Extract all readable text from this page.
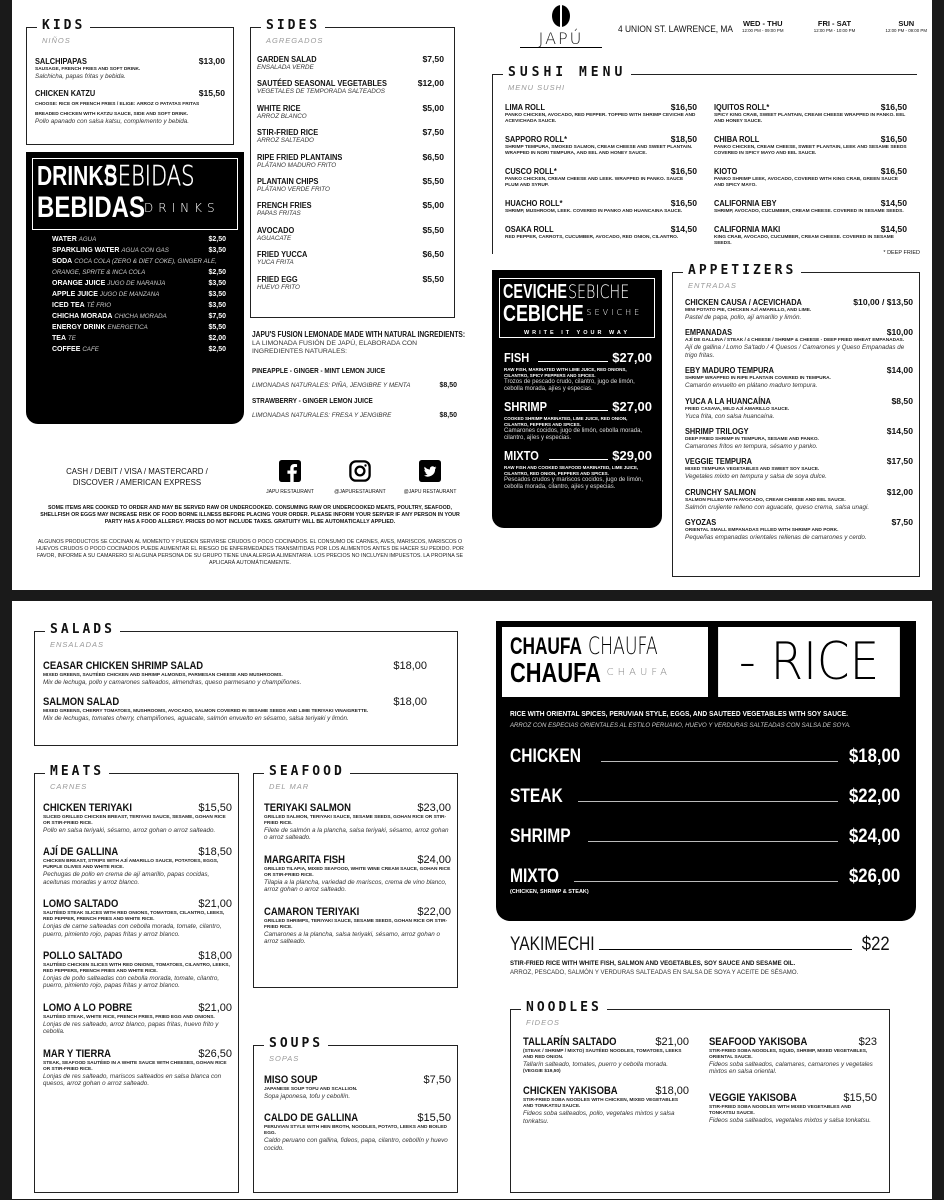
KIDS
NIÑOS
SALCHIPAPAS	$13,00
SAUSAGE, FRENCH FRIES AND SOFT DRINK.
Salchicha, papas fritas y bebida.
CHICKEN KATZU	$15,50
CHOOSE: RICE OR FRENCH FRIES / ELIGE: ARROZ O PATATAS FRITAS
BREADED CHICKEN WITH KATZU SAUCE, SIDE AND SOFT DRINK.
Pollo apanado con salsa katsu, complemento y bebida.
DRINKSBEBIDAS
BEBIDAS DRINKS
WATER AGUA	$2,50
SPARKLING WATER AGUA CON GAS	$3,50
SODA COCA COLA (ZERO & DIET COKE), GINGER ALE,
ORANGE, SPRITE & INCA COLA	$2,50
ORANGE JUICE JUGO DE NARANJA	$3,50
APPLE JUICE JUGO DE MANZANA	$3,50
ICED TEA TÉ FRIO	$3,50
CHICHA MORADA CHICHA MORADA	$7,50
ENERGY DRINK ENERGETICA	$5,50
TEA TE	$2,00
COFFEE CAFE	$2,50
SIDES
AGREGADOS
GARDEN SALAD	$7,50
ENSALADA VERDE
SAUTÉED SEASONAL VEGETABLES	$12,00
VEGETALES DE TEMPORADA SALTEADOS
WHITE RICE	$5,00
ARROZ BLANCO
STIR-FRIED RICE	$7,50
ARROZ SALTEADO
RIPE FRIED PLANTAINS	$6,50
PLÁTANO MADURO FRITO
PLANTAIN CHIPS	$5,50
PLÁTANO VERDE FRITO
FRENCH FRIES	$5,00
PAPAS FRITAS
AVOCADO	$5,50
AGUACATE
FRIED YUCCA	$6,50
YUCA FRITA
FRIED EGG	$5,50
HUEVO FRITO
JAPU'S FUSION LEMONADE MADE WITH NATURAL INGREDIENTS:
LA LIMONADA FUSIÓN DE JAPÚ, ELABORADA CON INGREDIENTES NATURALES:
PINEAPPLE - GINGER - MINT LEMON JUICE
LIMONADAS NATURALES: PIÑA, JENGIBRE Y MENTA	$8,50
STRAWBERRY - GINGER LEMON JUICE
LIMONADAS NATURALES: FRESA Y JENGIBRE	$8,50
CASH / DEBIT / VISA / MASTERCARD /
DISCOVER / AMERICAN EXPRESS
JAPU RESTAURANT	@JAPURESTAURANT	@JAPU RESTAURANT
SOME ITEMS ARE COOKED TO ORDER AND MAY BE SERVED RAW OR UNDERCOOKED. CONSUMING RAW OR UNDERCOOKED MEATS, POULTRY, SEAFOOD, SHELLFISH OR EGGS MAY INCREASE RISK OF FOOD BORNE ILLNESS BEFORE PLACING YOUR ORDER. PLEASE INFORM YOUR SERVER IF ANY PERSON IN YOUR PARTY HAS A FOOD ALLERGY. PRICES DO NOT INCLUDE TAXES. GRATUITY WILL BE AUTOMATICALLY APPLIED.
ALGUNOS PRODUCTOS SE COCINAN AL MOMENTO Y PUEDEN SERVIRSE CRUDOS O POCO COCINADOS. EL CONSUMO DE CARNES, AVES, MARISCOS, MARISCOS O HUEVOS CRUDOS O POCO COCINADOS PUEDE AUMENTAR EL RIESGO DE ENFERMEDADES TRANSMITIDAS POR LOS ALIMENTOS ANTES DE HACER SU PEDIDO. POR FAVOR, INFORME A SU CAMARERO SI ALGUNA PERSONA DE SU GRUPO TIENE UNA ALERGIA ALIMENTARIA. LOS PRECIOS NO INCLUYEN IMPUESTOS. LA PROPINA SE APLICARÁ AUTOMÁTICAMENTE.
JAPÚ	4 UNION ST. LAWRENCE, MA
WED - THU
12:00 PM - 09:00 PM
FRI - SAT
12:00 PM - 10:00 PM
SUN
12:00 PM - 09:00 PM
SUSHI MENU
MENU SUSHI
LIMA ROLL	$16,50
PANKO CHICKEN, AVOCADO, RED PEPPER. TOPPED WITH SHRIMP CEVICHE AND ACEVICHADA SAUCE.
SAPPORO ROLL*	$18,50
SHRIMP TEMPURA, SMOKED SALMON, CREAM CHEESE AND SWEET PLANTAIN. WRAPPED IN NORI TEMPURA, AND EEL AND HONEY SAUCE.
CUSCO ROLL*	$16,50
PANKO CHICKEN, CREAM CHEESE AND LEEK. WRAPPED IN PANKO. SAUCE PLUM AND SYRUP.
HUACHO ROLL*	$16,50
SHRIMP, MUSHROOM, LEEK. COVERED IN PANKO AND HUANCAINA SAUCE.
OSAKA ROLL	$14,50
RED PEPPER, CARROTS, CUCUMBER, AVOCADO, RED ONION, CILANTRO.
IQUITOS ROLL*	$16,50
SPICY KING CRAB, SWEET PLANTAIN, CREAM CHEESE WRAPPED IN PANKO. EEL AND HONEY SAUCE.
CHIBA ROLL	$16,50
PANKO CHICKEN, CREAM CHEESE, SWEET PLANTAIN, LEEK AND SESAME SEEDS COVERED IN SPICY MAYO AND EEL SAUCE.
KIOTO	$16,50
PANKO SHRIMP LEEK, AVOCADO, COVERED WITH KING CRAB, GREEN SAUCE AND SPICY MAYO.
CALIFORNIA EBY	$14,50
SHRIMP, AVOCADO, CUCUMBER, CREAM CHEESE. COVERED IN SESAME SEEDS.
CALIFORNIA MAKI	$14,50
KING CRAB, AVOCADO, CUCUMBER, CREAM CHEESE. COVERED IN SESAME SEEDS.
* DEEP FRIED
CEVICHESEBICHE
CEBICHE SEVICHE
WRITE IT YOUR WAY
FISH	$27,00
RAW FISH, MARINATED WITH LIME JUICE, RED ONIONS, CILANTRO, SPICY PEPPERS AND SPICES.
Trozos de pescado crudo, cilantro, jugo de limón, cebolla morada, ajíes y especias.
SHRIMP	$27,00
COOKED SHRIMP MARINATED, LIME JUICE, RED ONION, CILANTRO, PEPPERS AND SPICES.
Camarones cocidos, jugo de limón, cebolla morada, cilantro, ajíes y especias.
MIXTO	$29,00
RAW FISH AND COOKED SEAFOOD MARINATED, LIME JUICE, CILANTRO, RED ONION, PEPPERS AND SPICES.
Pescados crudos y mariscos cocidos, jugo de limón, cebolla morada, cilantro, ajíes y especias.
APPETIZERS
ENTRADAS
CHICKEN CAUSA / ACEVICHADA	$10,00 / $13,50
MINI POTATO PIE, CHICKEN AJÍ AMARILLO, AND LIME.
Pastel de papa, pollo, ají amarillo y limón.
EMPANADAS	$10,00
AJÍ DE GALLINA / STEAK / 4 CHEESE / SHRIMP & CHEESE - DEEP FRIED WHEAT EMPANADAS.
Ají de gallina / Lomo Sa'tado / 4 Quesos / Camarones y Queso Empanadas de trigo fritas.
EBY MADURO TEMPURA	$14,00
SHRIMP WRAPPED IN RIPE PLANTAIN COVERED IN TEMPURA.
Camarón envuelto en plátano maduro tempura.
YUCA A LA HUANCAÍNA	$8,50
FRIED CASAVA, MILD AJÍ AMARILLO SAUCE.
Yuca frita, con salsa huancaína.
SHRIMP TRILOGY	$14,50
DEEP FRIED SHRIMP IN TEMPURA, SESAME AND PANKO.
Camarones fritos en tempura, sésamo y panko.
VEGGIE TEMPURA	$17,50
MIXED TEMPURA VEGETABLES AND SWEET SOY SAUCE.
Vegetales mixto en tempura y salsa de soya dulce.
CRUNCHY SALMON	$12,00
SALMON FILLED WITH AVOCADO, CREAM CHEESE AND EEL SAUCE.
Salmón crujiente relleno con aguacate, queso crema, salsa unagi.
GYOZAS	$7,50
ORIENTAL SMALL EMPANADAS FILLED WITH SHRIMP AND PORK.
Pequeñas empanadas orientales rellenas de camarones y cerdo.
SALADS
ENSALADAS
CEASAR CHICKEN SHRIMP SALAD	$18,00
MIXED GREENS, SAUTÉED CHICKEN AND SHRIMP ALMONDS, PARMESAN CHEESE AND MUSHROOMS.
Mix de lechuga, pollo y camarones salteados, almendras, queso parmesano y champiñones.
SALMON SALAD	$18,00
MIXED GREENS, CHERRY TOMATOES, MUSHROOMS, AVOCADO, SALMON COVERED IN SESAME SEEDS AND LIME TERIYAKI VINAIGRETTE.
Mix de lechugas, tomates cherry, champiñones, aguacate, salmón envuelto en sésamo, salsa teriyaki y limón.
MEATS
CARNES
CHICKEN TERIYAKI	$15,50
SLICED GRILLED CHICKEN BREAST, TERIYAKI SAUCE, SESAME, GOHAN RICE OR STIR-FRIED RICE.
Pollo en salsa teriyaki, sésamo, arroz gohan o arroz salteado.
AJÍ DE GALLINA	$18,50
CHICKEN BREAST, STRIPS WITH AJÍ AMARILLO SAUCE, POTATOES, EGGS, PURPLE OLIVES AND WHITE RICE.
Pechugas de pollo en crema de ají amarillo, papas cocidas, aceitunas moradas y arroz blanco.
LOMO SALTADO	$21,00
SAUTÉED STEAK SLICES WITH RED ONIONS, TOMATOES, CILANTRO, LEEKS, RED PEPPER, FRENCH FRIES AND WHITE RICE.
Lonjas de carne salteadas con cebolla morada, tomate, cilantro, puerro, pimiento rojo, papas fritas y arroz blanco.
POLLO SALTADO	$18,00
SAUTÉED CHICKEN SLICES WITH RED ONIONS, TOMATOES, CILANTRO, LEEKS, RED PEPPERS, FRENCH FRIES AND WHITE RICE.
Lonjas de pollo salteadas con cebolla morada, tomate, cilantro, puerro, pimiento rojo, papas fritas y arroz blanco.
LOMO A LO POBRE	$21,00
SAUTÉED STEAK, WHITE RICE, FRENCH FRIES, FRIED EGG AND ONIONS.
Lonjas de res salteado, arroz blanco, papas fritas, huevo frito y cebolla.
MAR Y TIERRA	$26,50
STEAK, SEAFOOD SAUTÉED IN A WHITE SAUCE WITH CHEESES, GOHAN RICE OR STIR-FRIED RICE.
Lonjas de res salteado, mariscos salteados en salsa blanca con quesos, arroz gohan o arroz salteado.
SEAFOOD
DEL MAR
TERIYAKI SALMON	$23,00
GRILLED SALMON, TERIYAKI SAUCE, SESAME SEEDS, GOHAN RICE OR STIR-FRIED RICE.
Filete de salmón a la plancha, salsa teriyaki, sésamo, arroz gohan o arroz salteado.
MARGARITA FISH	$24,00
GRILLED TILAPIA, MIXED SEAFOOD, WHITE WINE CREAM SAUCE, GOHAN RICE OR STIR-FRIED RICE.
Tilapia a la plancha, variedad de mariscos, crema de vino blanco, arroz gohan o arroz salteado.
CAMARON TERIYAKI	$22,00
GRILLED SHRIMPS, TERIYAKI SAUCE, SESAME SEEDS, GOHAN RICE OR STIR-FRIED RICE.
Camarones a la plancha, salsa teriyaki, sésamo, arroz gohan o arroz salteado.
SOUPS
SOPAS
MISO SOUP	$7,50
JAPANESE SOUP TOFU AND SCALLION.
Sopa japonesa, tofu y cebollín.
CALDO DE GALLINA	$15,50
PERUVIAN STYLE WITH HEN BROTH, NOODLES, POTATO, LEEKS AND BOILED EGG.
Caldo peruano con gallina, fideos, papa, cilantro, cebollín y huevo cocido.
CHAUFA CHAUFA
CHAUFA CHAUFA	- RICE
RICE WITH ORIENTAL SPICES, PERUVIAN STYLE, EGGS, AND SAUTEED VEGETABLES WITH SOY SAUCE.
ARROZ CON ESPECIAS ORIENTALES AL ESTILO PERUANO, HUEVO Y VERDURAS SALTEADAS CON SALSA DE SOYA.
CHICKEN	$18,00
STEAK	$22,00
SHRIMP	$24,00
MIXTO	$26,00
(CHICKEN, SHRIMP & STEAK)
YAKIMECHI	$22
STIR-FRIED RICE WITH WHITE FISH, SALMON AND VEGETABLES, SOY SAUCE AND SESAME OIL.
ARROZ, PESCADO, SALMÓN Y VERDURAS SALTEADAS EN SALSA DE SOYA Y ACEITE DE SÉSAMO.
NOODLES
FIDEOS
TALLARÍN SALTADO	$21,00
(STEAK / SHRIMP / MIXTO) SAUTÉED NOODLES, TOMATOES, LEEKS AND RED ONION.
Tallarín salteado, tomates, puerro y cebolla morada.
(VEGGIE $19,50)
CHICKEN YAKISOBA	$18,00
STIR-FRIED SOBA NOODLES WITH CHICKEN, MIXED VEGETABLES AND TONKATSU SAUCE.
Fideos soba salteados, pollo, vegetales mixtos y salsa tonkatsu.
SEAFOOD YAKISOBA	$23
STIR-FRIED SOBA NOODLES, SQUID, SHRIMP, MIXED VEGETABLES, ORIENTAL SAUCE.
Fideos soba salteados, calamares, camarones y vegetales mixtos en salsa oriental.
VEGGIE YAKISOBA	$15,50
STIR-FRIED SOBA NOODLES WITH MIXED VEGETABLES AND TONKATSU SAUCE.
Fideos soba salteados, vegetales mixtos y salsa tonkatsu.
